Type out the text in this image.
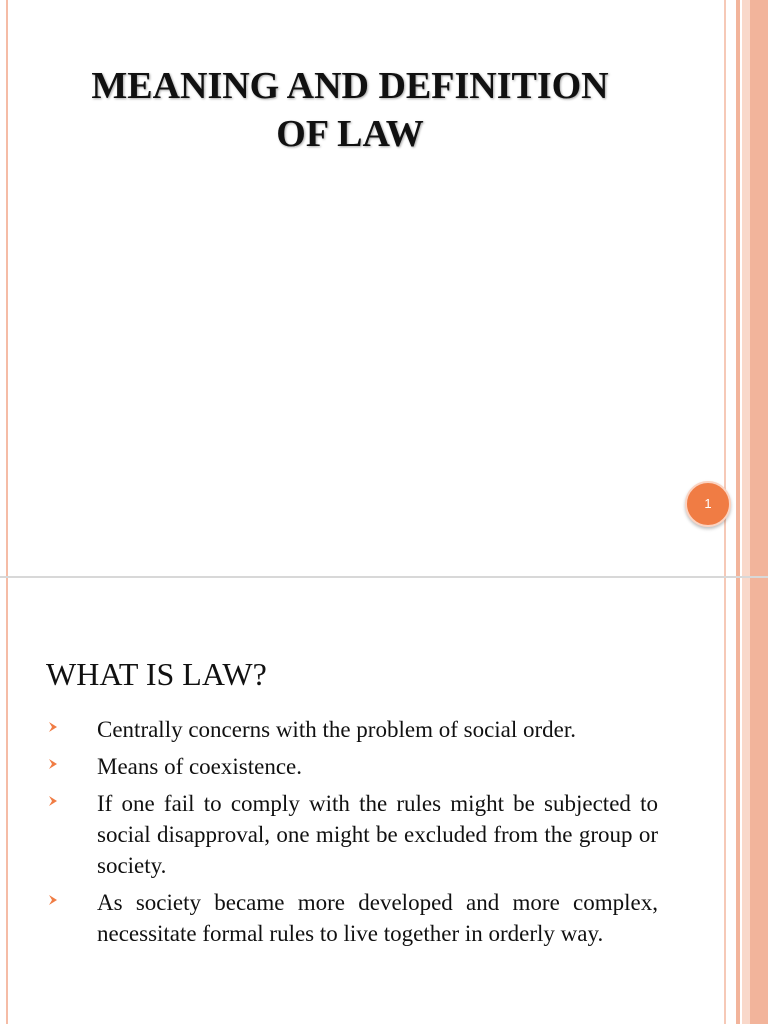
MEANING AND DEFINITION
OF LAW
1
WHAT IS LAW?
Centrally concerns with the problem of social order.
Means of coexistence.
If one fail to comply with the rules might be subjected to social disapproval, one might be excluded from the group or society.
As society became more developed and more complex, necessitate formal rules to live together in orderly way.
